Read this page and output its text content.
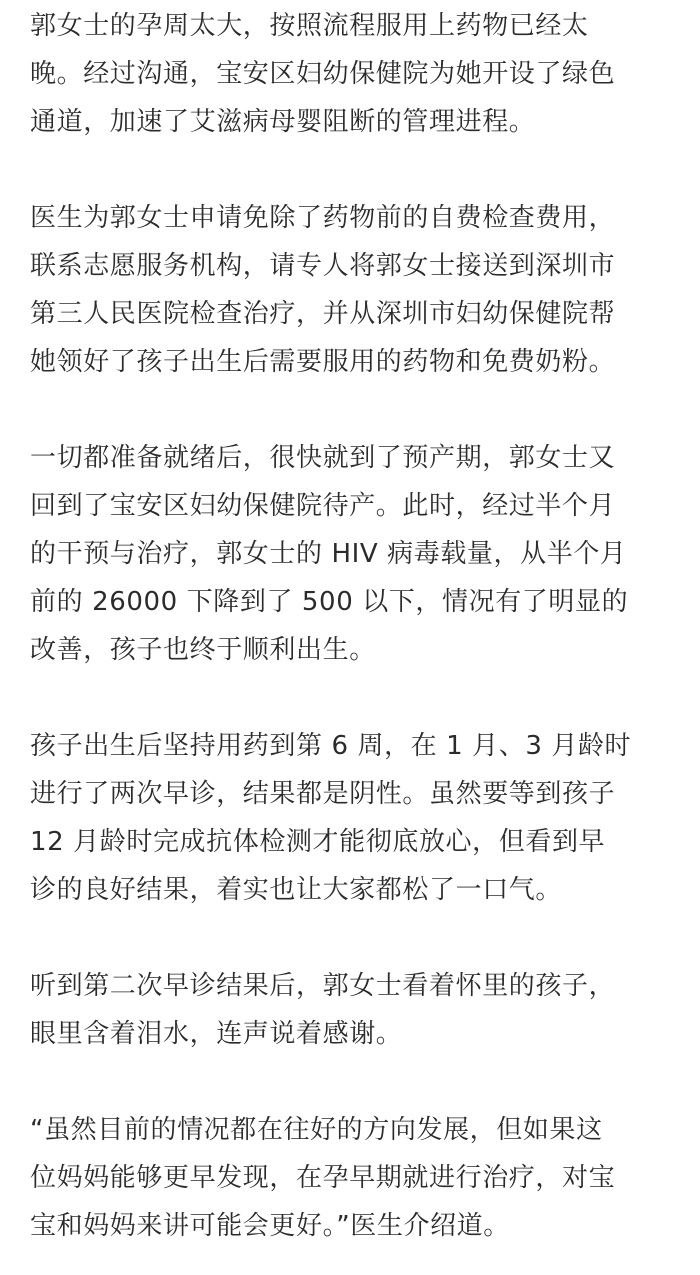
郭女士的孕周太大，按照流程服用上药物已经太
晚。经过沟通，宝安区妇幼保健院为她开设了绿色
通道，加速了艾滋病母婴阻断的管理进程。
医生为郭女士申请免除了药物前的自费检查费用，
联系志愿服务机构，请专人将郭女士接送到深圳市
第三人民医院检查治疗，并从深圳市妇幼保健院帮
她领好了孩子出生后需要服用的药物和免费奶粉。
一切都准备就绪后，很快就到了预产期，郭女士又
回到了宝安区妇幼保健院待产。此时，经过半个月
的干预与治疗，郭女士的 HIV 病毒载量，从半个月
前的 26000 下降到了 500 以下，情况有了明显的
改善，孩子也终于顺利出生。
孩子出生后坚持用药到第 6 周，在 1 月、3 月龄时
进行了两次早诊，结果都是阴性。虽然要等到孩子
12 月龄时完成抗体检测才能彻底放心，但看到早
诊的良好结果，着实也让大家都松了一口气。
听到第二次早诊结果后，郭女士看着怀里的孩子，
眼里含着泪水，连声说着感谢。
“虽然目前的情况都在往好的方向发展，但如果这
位妈妈能够更早发现，在孕早期就进行治疗，对宝
宝和妈妈来讲可能会更好。”医生介绍道。
